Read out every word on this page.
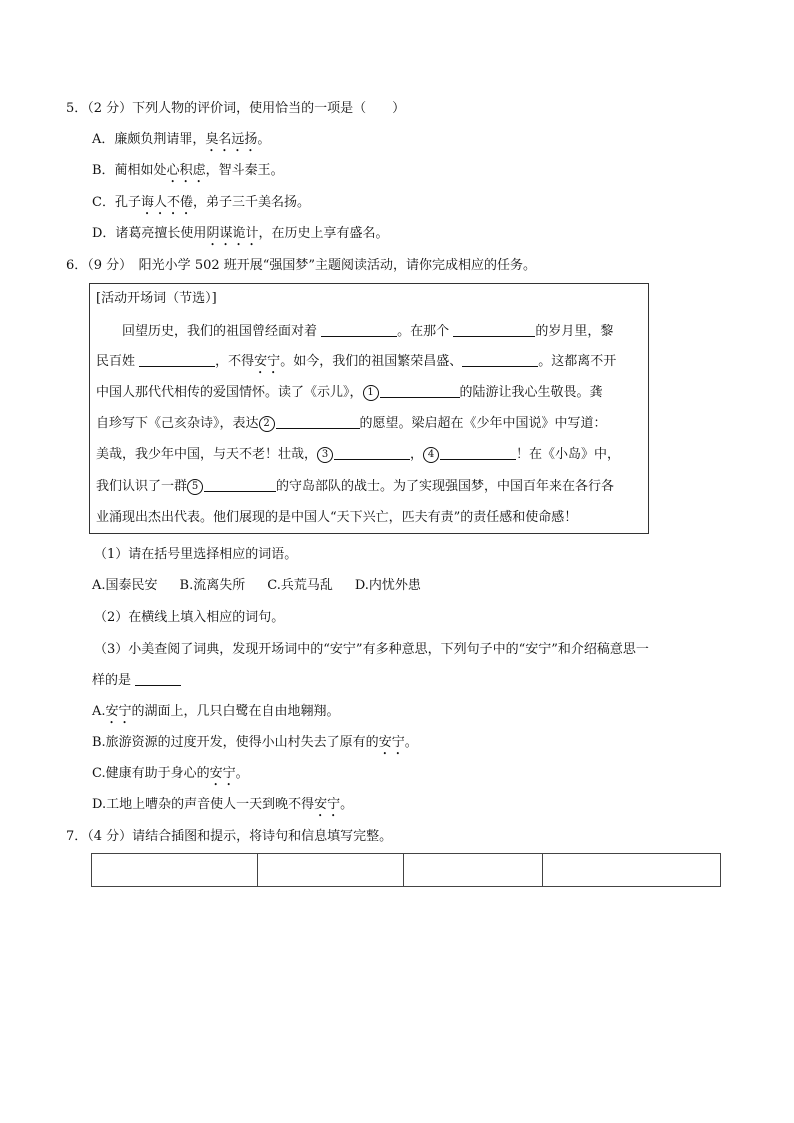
5．（2 分）下列人物的评价词，使用恰当的一项是（　　）
A．廉颇负荆请罪，臭名远扬。
B．蔺相如处心积虑，智斗秦王。
C．孔子诲人不倦，弟子三千美名扬。
D．诸葛亮擅长使用阴谋诡计，在历史上享有盛名。
6．（9 分）　阳光小学 502 班开展“强国梦”主题阅读活动，请你完成相应的任务。
[活动开场词（节选）]
回望历史，我们的祖国曾经面对着	。在那个	的岁月里，黎
民百姓	，不得安宁。如今，我们的祖国繁荣昌盛、	。这都离不开
中国人那代代相传的爱国情怀。读了《示儿》， 1	的陆游让我心生敬畏。龚
自珍写下《己亥杂诗》，表达 2	的愿望。梁启超在《少年中国说》中写道：
美哉，我少年中国，与天不老！壮哉， 3	， 4	！在《小岛》中，
我们认识了一群 5	的守岛部队的战士。为了实现强国梦，中国百年来在各行各
业涌现出杰出代表。他们展现的是中国人“天下兴亡，匹夫有责”的责任感和使命感！
（1）请在括号里选择相应的词语。
A.国泰民安 B.流离失所 C.兵荒马乱 D.内忧外患
（2）在横线上填入相应的词句。
（3）小美查阅了词典，发现开场词中的“安宁”有多种意思，下列句子中的“安宁”和介绍稿意思一
样的是
A.安宁的湖面上，几只白鹭在自由地翱翔。
B.旅游资源的过度开发，使得小山村失去了原有的安宁。
C.健康有助于身心的安宁。
D.工地上嘈杂的声音使人一天到晚不得安宁。
7．（4 分）请结合插图和提示，将诗句和信息填写完整。
